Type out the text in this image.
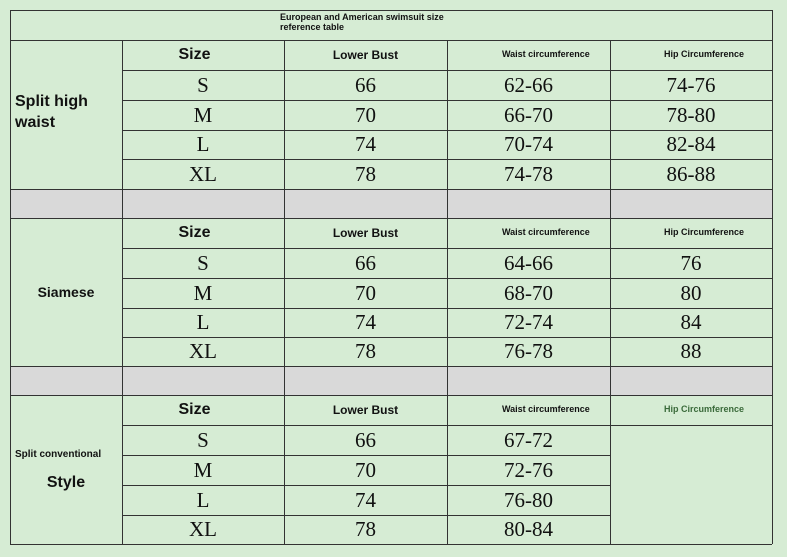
European and American swimsuit size reference table
Split high waist
Size	Lower Bust	Waist circumference	Hip Circumference
S	66	62-66	74-76
M	70	66-70	78-80
L	74	70-74	82-84
XL	78	74-78	86-88
Siamese
Size	Lower Bust	Waist circumference	Hip Circumference
S	66	64-66	76
M	70	68-70	80
L	74	72-74	84
XL	78	76-78	88
Split conventional
Style
Size	Lower Bust	Waist circumference	Hip Circumference
S	66	67-72
M	70	72-76
L	74	76-80
XL	78	80-84
